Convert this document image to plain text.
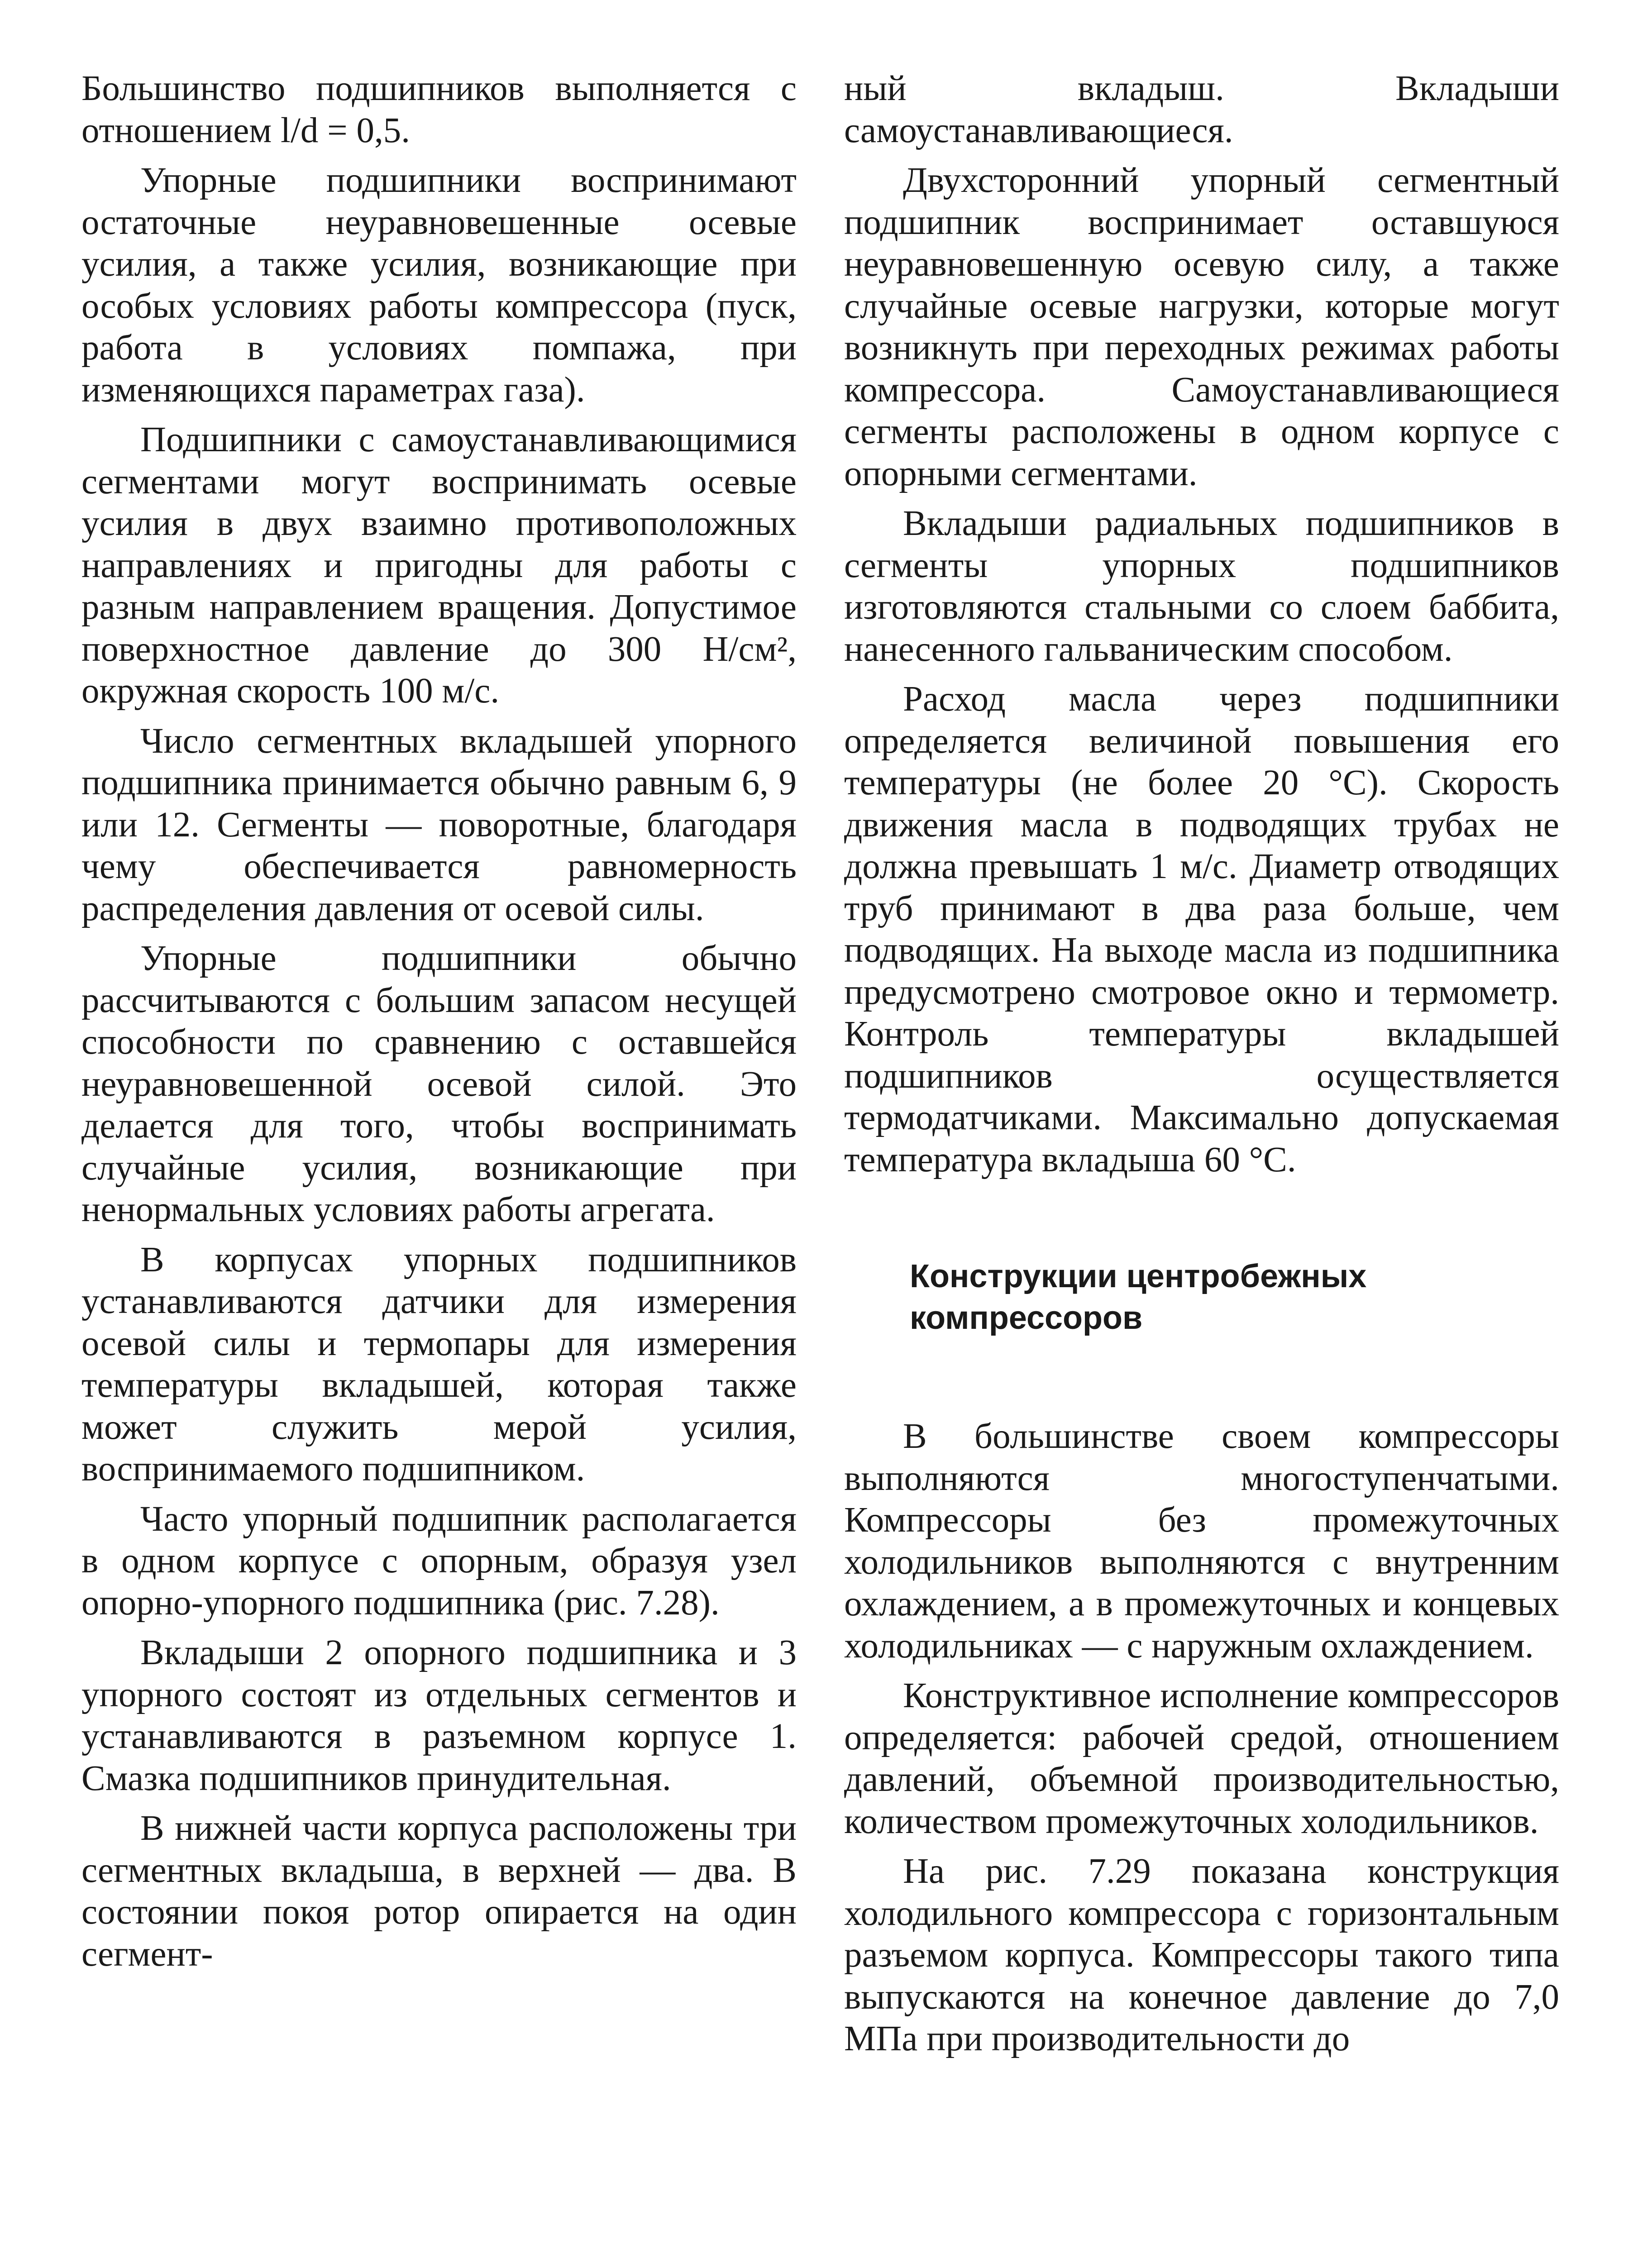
Большинство подшипников выполняется с отношением l/d = 0,5.

Упорные подшипники воспринимают остаточные неуравновешенные осевые усилия, а также усилия, возникающие при особых условиях работы компрессора (пуск, работа в условиях помпажа, при изменяющихся параметрах газа).

Подшипники с самоустанавливающимися сегментами могут воспринимать осевые усилия в двух взаимно противоположных направлениях и пригодны для работы с разным направлением вращения. Допустимое поверхностное давление до 300 Н/см², окружная скорость 100 м/с.

Число сегментных вкладышей упорного подшипника принимается обычно равным 6, 9 или 12. Сегменты — поворотные, благодаря чему обеспечивается равномерность распределения давления от осевой силы.

Упорные подшипники обычно рассчитываются с большим запасом несущей способности по сравнению с оставшейся неуравновешенной осевой силой. Это делается для того, чтобы воспринимать случайные усилия, возникающие при ненормальных условиях работы агрегата.

В корпусах упорных подшипников устанавливаются датчики для измерения осевой силы и термопары для измерения температуры вкладышей, которая также может служить мерой усилия, воспринимаемого подшипником.

Часто упорный подшипник располагается в одном корпусе с опорным, образуя узел опорно-упорного подшипника (рис. 7.28).

Вкладыши 2 опорного подшипника и 3 упорного состоят из отдельных сегментов и устанавливаются в разъемном корпусе 1. Смазка подшипников принудительная.

В нижней части корпуса расположены три сегментных вкладыша, в верхней — два. В состоянии покоя ротор опирается на один сегмент-

ный вкладыш. Вкладыши самоустанавливающиеся.

Двухсторонний упорный сегментный подшипник воспринимает оставшуюся неуравновешенную осевую силу, а также случайные осевые нагрузки, которые могут возникнуть при переходных режимах работы компрессора. Самоустанавливающиеся сегменты расположены в одном корпусе с опорными сегментами.

Вкладыши радиальных подшипников в сегменты упорных подшипников изготовляются стальными со слоем баббита, нанесенного гальваническим способом.

Расход масла через подшипники определяется величиной повышения его температуры (не более 20 °С). Скорость движения масла в подводящих трубах не должна превышать 1 м/с. Диаметр отводящих труб принимают в два раза больше, чем подводящих. На выходе масла из подшипника предусмотрено смотровое окно и термометр. Контроль температуры вкладышей подшипников осуществляется термодатчиками. Максимально допускаемая температура вкладыша 60 °С.

Конструкции центробежных компрессоров

В большинстве своем компрессоры выполняются многоступенчатыми. Компрессоры без промежуточных холодильников выполняются с внутренним охлаждением, а в промежуточных и концевых холодильниках — с наружным охлаждением.

Конструктивное исполнение компрессоров определяется: рабочей средой, отношением давлений, объемной производительностью, количеством промежуточных холодильников.

На рис. 7.29 показана конструкция холодильного компрессора с горизонтальным разъемом корпуса. Компрессоры такого типа выпускаются на конечное давление до 7,0 МПа при производительности до
